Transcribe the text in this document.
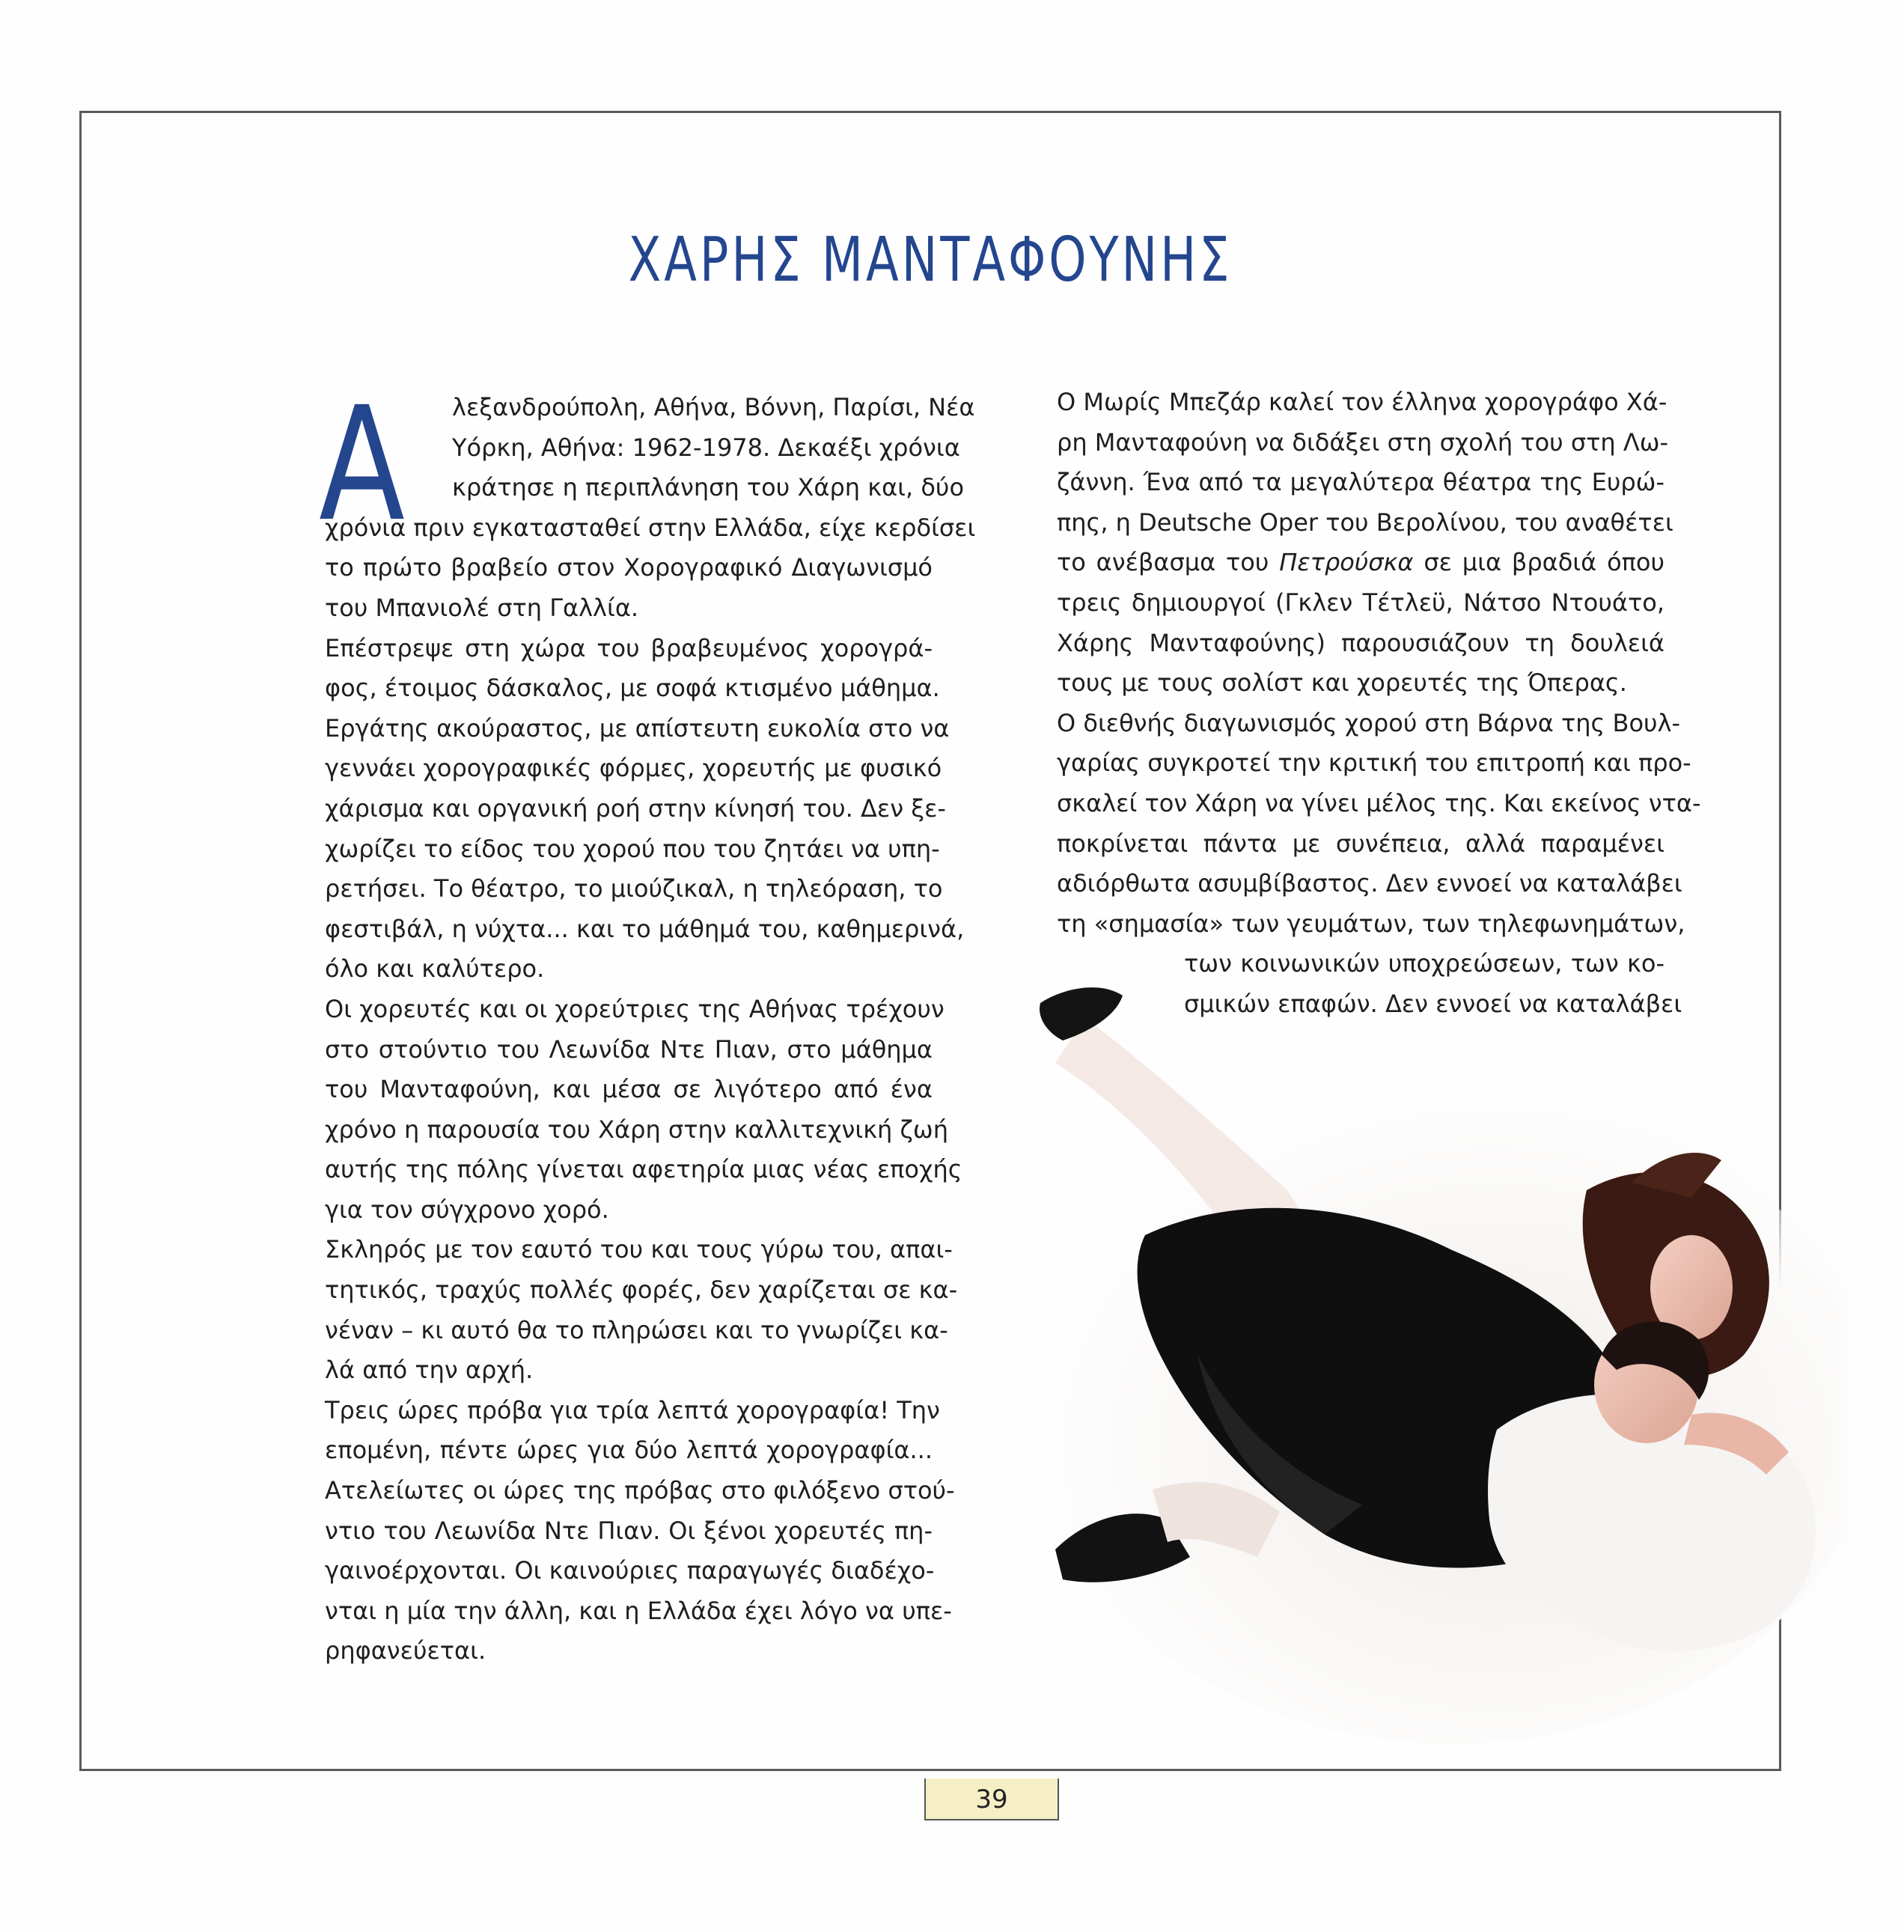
ΧΑΡΗΣ ΜΑΝΤΑΦΟΥΝΗΣ
Α λεξανδρούπολη, Αθήνα, Βόννη, Παρίσι, Νέα
Υόρκη, Αθήνα: 1962-1978. Δεκαέξι χρόνια
κράτησε η περιπλάνηση του Χάρη και, δύο
χρόνια πριν εγκατασταθεί στην Ελλάδα, είχε κερδίσει
το πρώτο βραβείο στον Χορογραφικό Διαγωνισμό
του Μπανιολέ στη Γαλλία.
Επέστρεψε στη χώρα του βραβευμένος χορογρά-
φος, έτοιμος δάσκαλος, με σοφά κτισμένο μάθημα.
Εργάτης ακούραστος, με απίστευτη ευκολία στο να
γεννάει χορογραφικές φόρμες, χορευτής με φυσικό
χάρισμα και οργανική ροή στην κίνησή του. Δεν ξε-
χωρίζει το είδος του χορού που του ζητάει να υπη-
ρετήσει. Το θέατρο, το μιούζικαλ, η τηλεόραση, το
φεστιβάλ, η νύχτα... και το μάθημά του, καθημερινά,
όλο και καλύτερο.
Οι χορευτές και οι χορεύτριες της Αθήνας τρέχουν
στο στούντιο του Λεωνίδα Ντε Πιαν, στο μάθημα
του Μανταφούνη, και μέσα σε λιγότερο από ένα
χρόνο η παρουσία του Χάρη στην καλλιτεχνική ζωή
αυτής της πόλης γίνεται αφετηρία μιας νέας εποχής
για τον σύγχρονο χορό.
Σκληρός με τον εαυτό του και τους γύρω του, απαι-
τητικός, τραχύς πολλές φορές, δεν χαρίζεται σε κα-
νέναν – κι αυτό θα το πληρώσει και το γνωρίζει κα-
λά από την αρχή.
Τρεις ώρες πρόβα για τρία λεπτά χορογραφία! Την
επομένη, πέντε ώρες για δύο λεπτά χορογραφία...
Ατελείωτες οι ώρες της πρόβας στο φιλόξενο στού-
ντιο του Λεωνίδα Ντε Πιαν. Οι ξένοι χορευτές πη-
γαινοέρχονται. Οι καινούριες παραγωγές διαδέχο-
νται η μία την άλλη, και η Ελλάδα έχει λόγο να υπε-
ρηφανεύεται.
Ο Μωρίς Μπεζάρ καλεί τον έλληνα χορογράφο Χά-
ρη Μανταφούνη να διδάξει στη σχολή του στη Λω-
ζάννη. Ένα από τα μεγαλύτερα θέατρα της Ευρώ-
πης, η Deutsche Oper του Βερολίνου, του αναθέτει
το ανέβασμα του Πετρούσκα σε μια βραδιά όπου
τρεις δημιουργοί (Γκλεν Τέτλεϋ, Νάτσο Ντουάτο,
Χάρης Μανταφούνης) παρουσιάζουν τη δουλειά
τους με τους σολίστ και χορευτές της Όπερας.
Ο διεθνής διαγωνισμός χορού στη Βάρνα της Βουλ-
γαρίας συγκροτεί την κριτική του επιτροπή και προ-
σκαλεί τον Χάρη να γίνει μέλος της. Και εκείνος ντα-
ποκρίνεται πάντα με συνέπεια, αλλά παραμένει
αδιόρθωτα ασυμβίβαστος. Δεν εννοεί να καταλάβει
τη «σημασία» των γευμάτων, των τηλεφωνημάτων,
των κοινωνικών υποχρεώσεων, των κο-
σμικών επαφών. Δεν εννοεί να καταλάβει
39
